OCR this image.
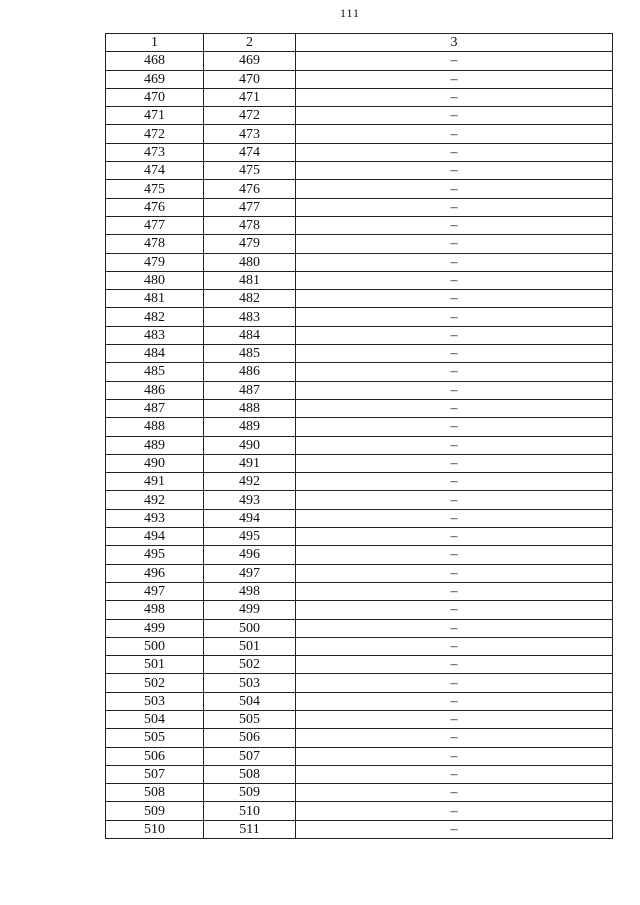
111
1	2	3
468	469	–
469	470	–
470	471	–
471	472	–
472	473	–
473	474	–
474	475	–
475	476	–
476	477	–
477	478	–
478	479	–
479	480	–
480	481	–
481	482	–
482	483	–
483	484	–
484	485	–
485	486	–
486	487	–
487	488	–
488	489	–
489	490	–
490	491	–
491	492	–
492	493	–
493	494	–
494	495	–
495	496	–
496	497	–
497	498	–
498	499	–
499	500	–
500	501	–
501	502	–
502	503	–
503	504	–
504	505	–
505	506	–
506	507	–
507	508	–
508	509	–
509	510	–
510	511	–
